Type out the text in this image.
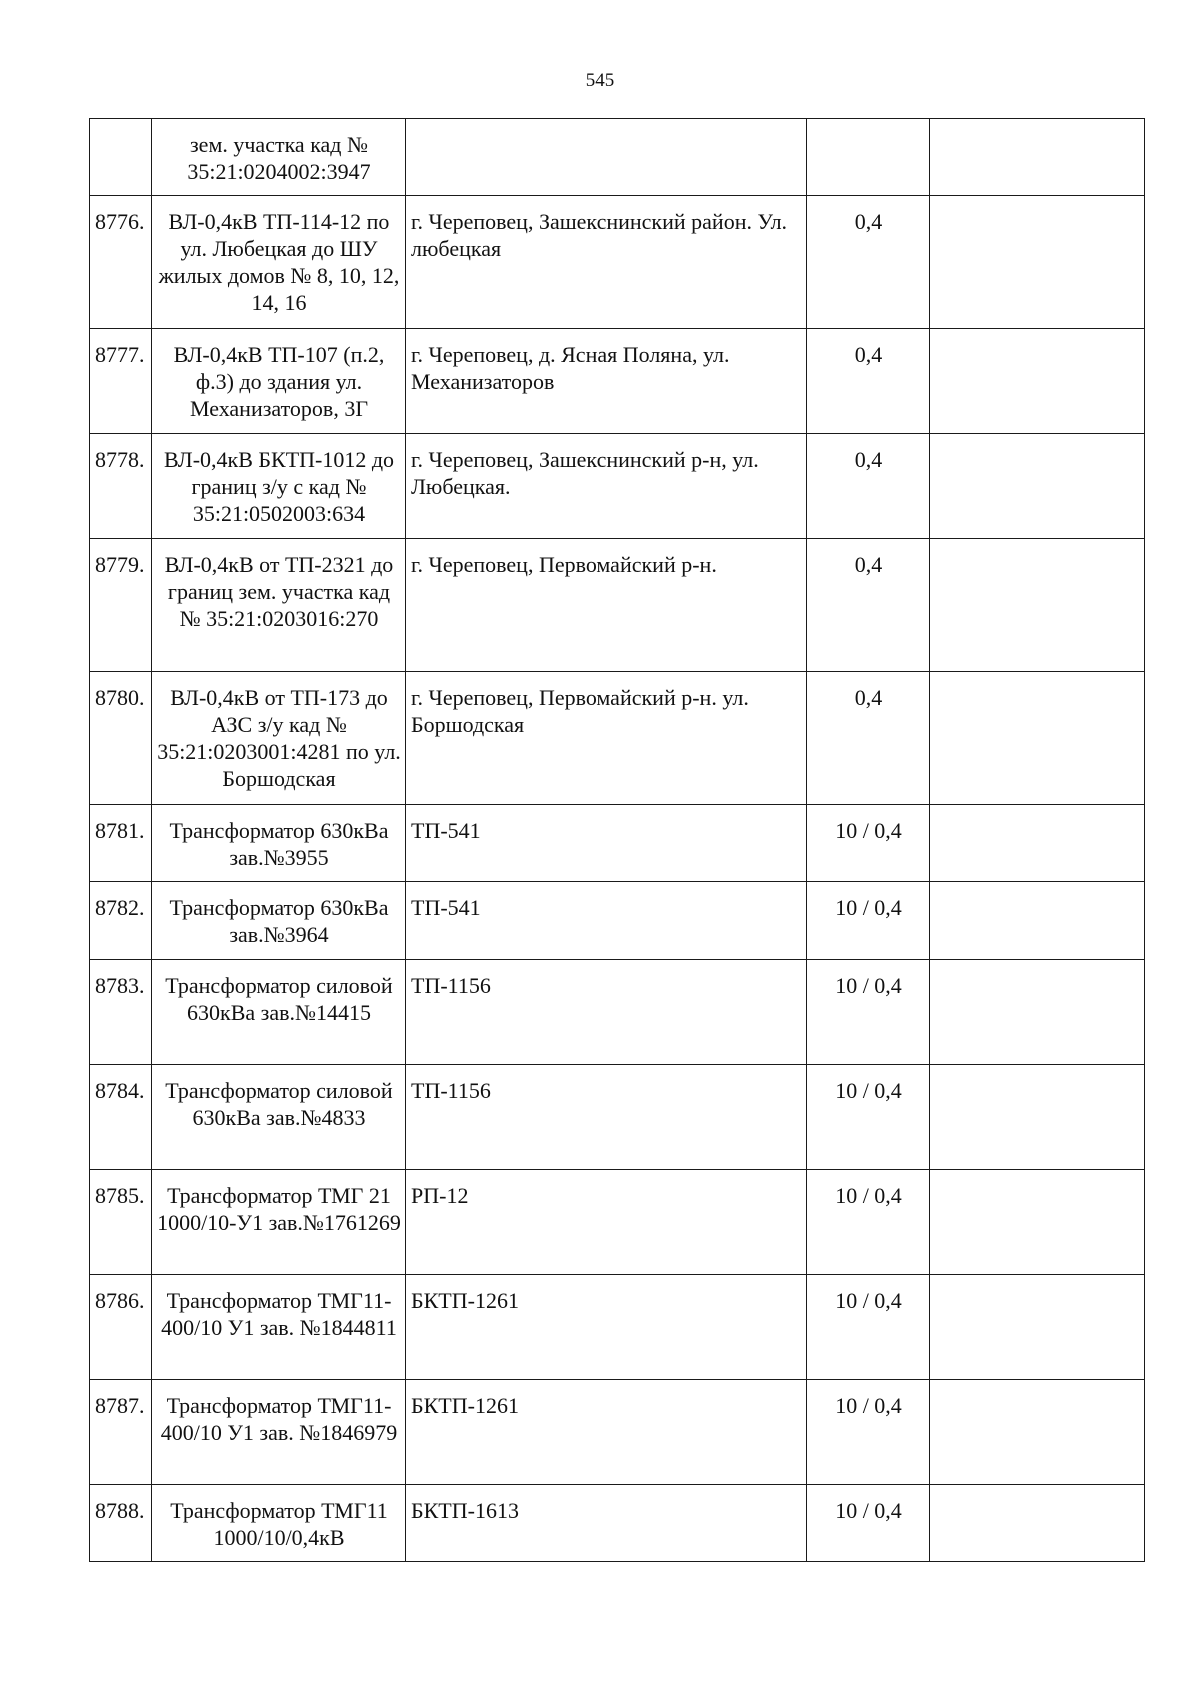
545
	зем. участка кад № 35:21:0204002:3947			
8776.	ВЛ-0,4кВ ТП-114-12 по ул. Любецкая до ШУ жилых домов № 8, 10, 12, 14, 16	г. Череповец, Зашекснинский район. Ул. любецкая	0,4	
8777.	ВЛ-0,4кВ ТП-107 (п.2, ф.3) до здания ул. Механизаторов, 3Г	г. Череповец, д. Ясная Поляна, ул. Механизаторов	0,4	
8778.	ВЛ-0,4кВ БКТП-1012 до границ з/у с кад № 35:21:0502003:634	г. Череповец, Зашекснинский р-н, ул. Любецкая.	0,4	
8779.	ВЛ-0,4кВ от ТП-2321 до границ зем. участка кад № 35:21:0203016:270	г. Череповец, Первомайский р-н.	0,4	
8780.	ВЛ-0,4кВ от ТП-173 до АЗС з/у кад № 35:21:0203001:4281 по ул. Боршодская	г. Череповец, Первомайский р-н. ул. Боршодская	0,4	
8781.	Трансформатор 630кВа зав.№3955	ТП-541	10 / 0,4	
8782.	Трансформатор 630кВа зав.№3964	ТП-541	10 / 0,4	
8783.	Трансформатор силовой 630кВа зав.№14415	ТП-1156	10 / 0,4	
8784.	Трансформатор силовой 630кВа зав.№4833	ТП-1156	10 / 0,4	
8785.	Трансформатор ТМГ 21 1000/10-У1 зав.№1761269	РП-12	10 / 0,4	
8786.	Трансформатор ТМГ11-400/10 У1 зав. №1844811	БКТП-1261	10 / 0,4	
8787.	Трансформатор ТМГ11-400/10 У1 зав. №1846979	БКТП-1261	10 / 0,4	
8788.	Трансформатор ТМГ11 1000/10/0,4кВ	БКТП-1613	10 / 0,4	
